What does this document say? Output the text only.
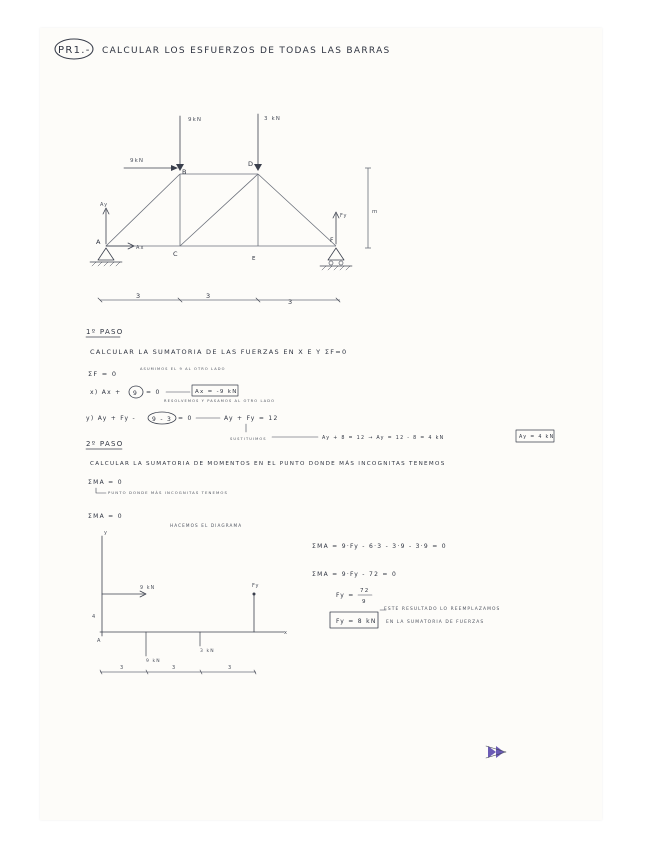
PR1.- CALCULAR LOS ESFUERZOS DE TODAS LAS BARRAS
9kN	3 kN
9kN
A
B
C
D
E
F
Ay
Ax
Fy
m
3	3
3
1º PASO
CALCULAR LA SUMATORIA DE LAS FUERZAS EN X E Y ΣF=0
ΣF = 0
ASUMIMOS EL 9 AL OTRO LADO
x) Ax + 9 = 0	Ax = -9 kN
RESOLVEMOS Y PASAMOS AL OTRO LADO
y) Ay + Fy -	9 - 3 = 0	Ay + Fy = 12
SUSTITUIMOS	Ay + 8 = 12 → Ay = 12 - 8 = 4 kN	Ay = 4 kN
2º PASO
CALCULAR LA SUMATORIA DE MOMENTOS EN EL PUNTO DONDE MÁS INCOGNITAS TENEMOS
ΣMA = 0
PUNTO DONDE MÁS INCOGNITAS TENEMOS
ΣMA = 0
HACEMOS EL DIAGRAMA
y
x
A
9 kN	Fy
9 kN
3 kN
4
3	3	3
ΣMA = 9·Fy - 6·3 - 3·9 - 3·9 = 0
ΣMA = 9·Fy - 72 = 0
Fy =
72
9
Fy = 8 kN
ESTE RESULTADO LO REEMPLAZAMOS
EN LA SUMATORIA DE FUERZAS
